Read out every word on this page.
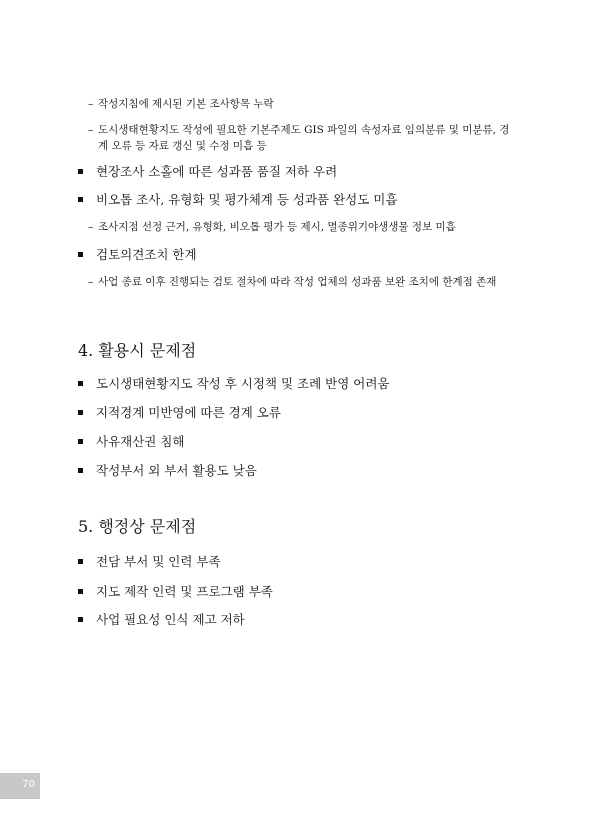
– 작성지침에 제시된 기본 조사항목 누락
– 도시생태현황지도 작성에 필요한 기본주제도 GIS 파일의 속성자료 임의분류 및 미분류, 경계 오류 등 자료 갱신 및 수정 미흡 등
현장조사 소홀에 따른 성과품 품질 저하 우려
비오톱 조사, 유형화 및 평가체계 등 성과품 완성도 미흡
– 조사지점 선정 근거, 유형화, 비오톱 평가 등 제시, 멸종위기야생생물 정보 미흡
검토의견조치 한계
– 사업 종료 이후 진행되는 검토 절차에 따라 작성 업체의 성과품 보완 조치에 한계점 존재
4. 활용시 문제점
도시생태현황지도 작성 후 시정책 및 조례 반영 어려움
지적경계 미반영에 따른 경계 오류
사유재산권 침해
작성부서 외 부서 활용도 낮음
5. 행정상 문제점
전담 부서 및 인력 부족
지도 제작 인력 및 프로그램 부족
사업 필요성 인식 제고 저하
70
